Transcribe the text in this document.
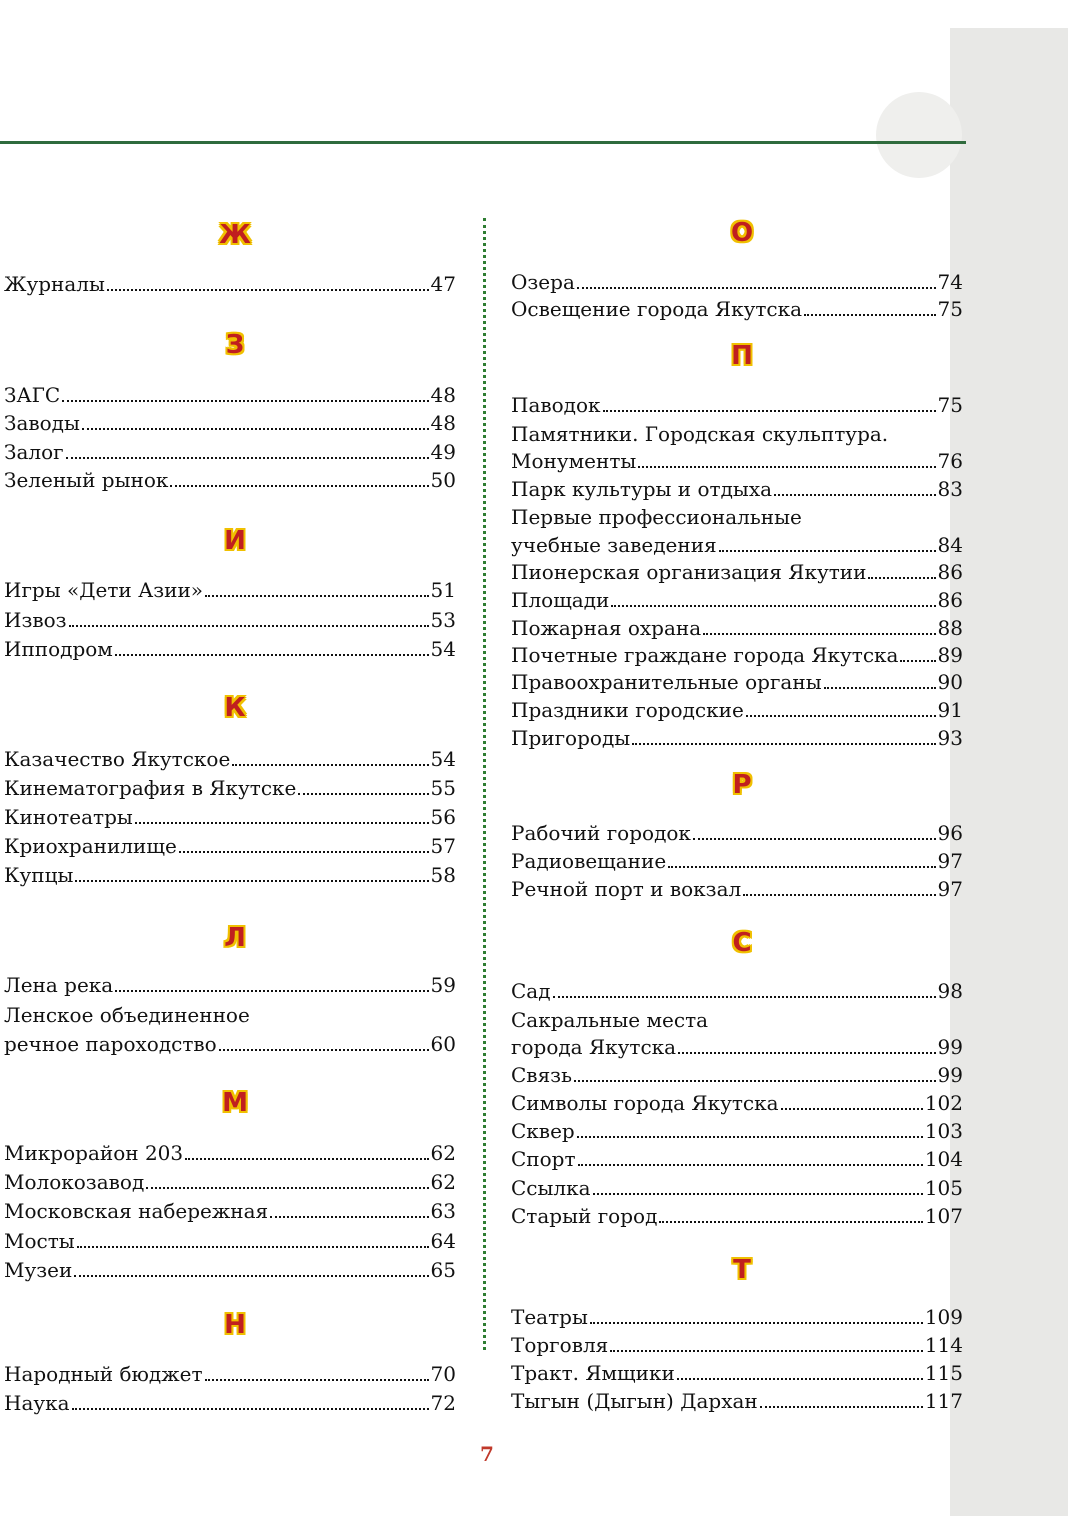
Ж
Журналы	47
З
ЗАГС	48
Заводы	48
Залог	49
Зеленый рынок	50
И
Игры «Дети Азии»	51
Извоз	53
Ипподром	54
К
Казачество Якутское	54
Кинематография в Якутске	55
Кинотеатры	56
Криохранилище	57
Купцы	58
Л
Лена река	59
Ленское объединенное
речное пароходство	60
М
Микрорайон 203	62
Молокозавод	62
Московская набережная	63
Мосты	64
Музеи	65
Н
Народный бюджет	70
Наука	72
О
Озера	74
Освещение города Якутска	75
П
Паводок	75
Памятники. Городская скульптура.
Монументы	76
Парк культуры и отдыха	83
Первые профессиональные
учебные заведения	84
Пионерская организация Якутии	86
Площади	86
Пожарная охрана	88
Почетные граждане города Якутска 89
Правоохранительные органы	90
Праздники городские	91
Пригороды	93
Р
Рабочий городок	96
Радиовещание	97
Речной порт и вокзал	97
С
Сад	98
Сакральные места
города Якутска	99
Связь	99
Символы города Якутска	102
Сквер	103
Спорт	104
Ссылка	105
Старый город	107
Т
Театры	109
Торговля	114
Тракт. Ямщики	115
Тыгын (Дыгын) Дархан	117
7
